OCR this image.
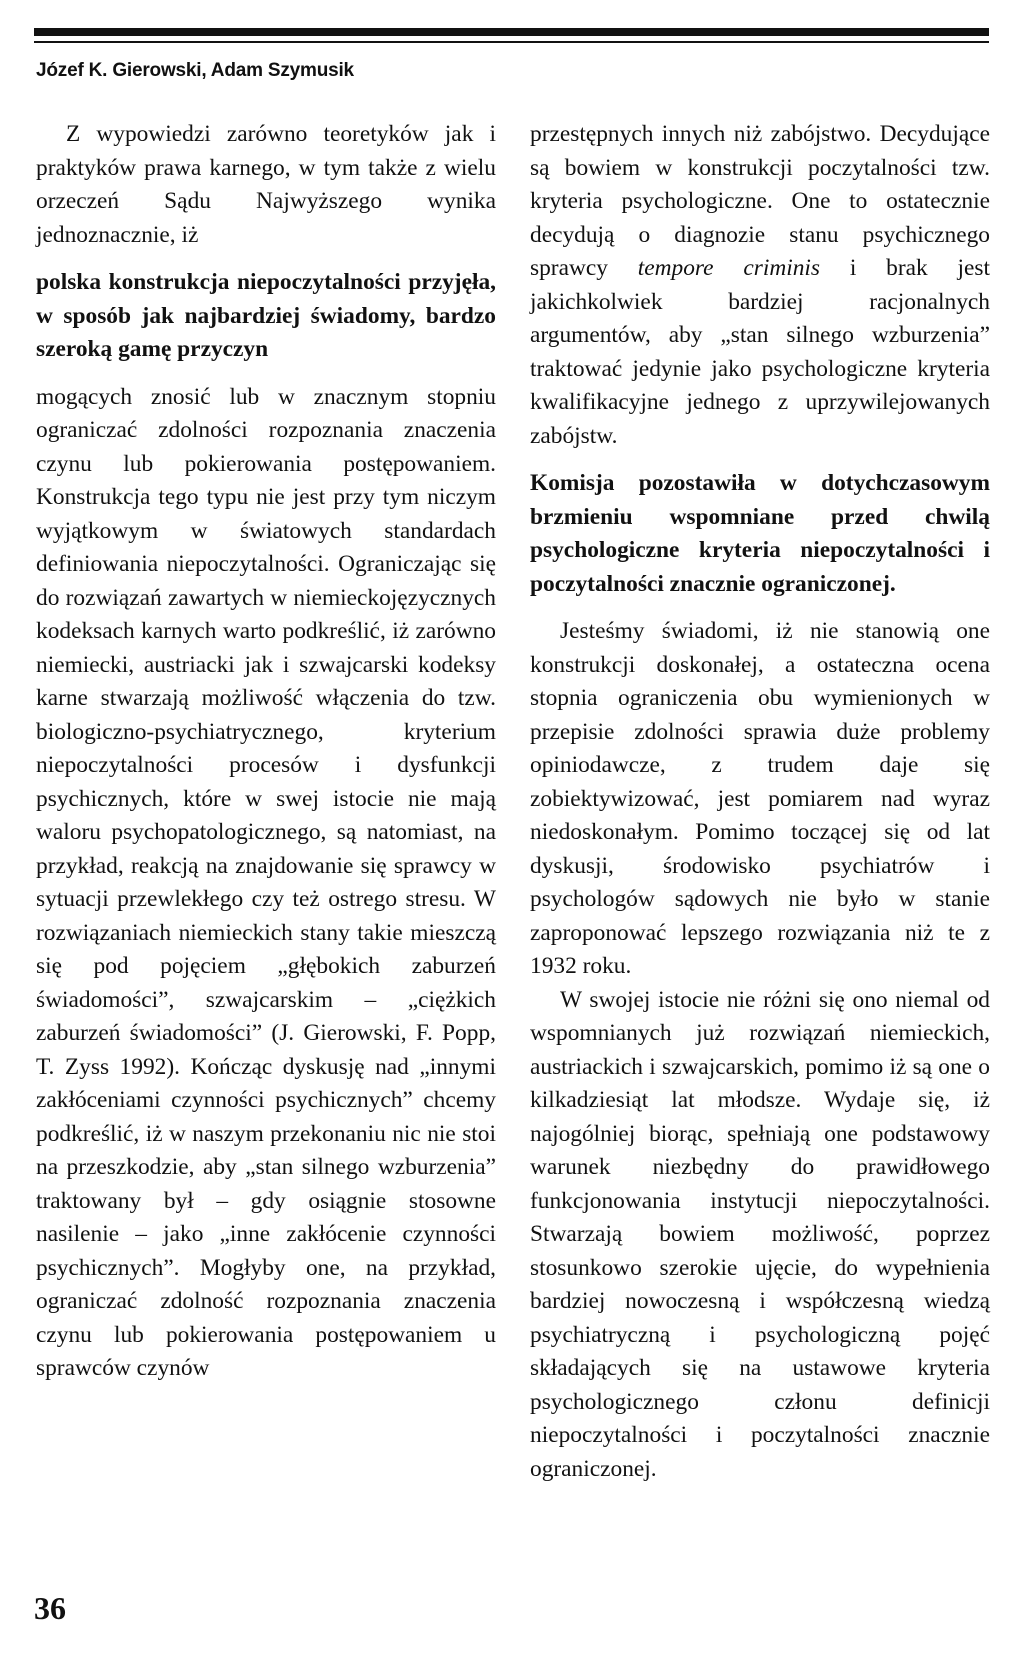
Józef K. Gierowski, Adam Szymusik

Z wypowiedzi zarówno teoretyków jak i praktyków prawa karnego, w tym także z wielu orzeczeń Sądu Najwyższego wynika jednoznacznie, iż

polska konstrukcja niepoczytalności przyjęła, w sposób jak najbardziej świadomy, bardzo szeroką gamę przyczyn

mogących znosić lub w znacznym stopniu ograniczać zdolności rozpoznania znaczenia czynu lub pokierowania postępowaniem. Konstrukcja tego typu nie jest przy tym niczym wyjątkowym w światowych standardach definiowania niepoczytalności. Ograniczając się do rozwiązań zawartych w niemieckojęzycznych kodeksach karnych warto podkreślić, iż zarówno niemiecki, austriacki jak i szwajcarski kodeksy karne stwarzają możliwość włączenia do tzw. biologiczno-psychiatrycznego, kryterium niepoczytalności procesów i dysfunkcji psychicznych, które w swej istocie nie mają waloru psychopatologicznego, są natomiast, na przykład, reakcją na znajdowanie się sprawcy w sytuacji przewlekłego czy też ostrego stresu. W rozwiązaniach niemieckich stany takie mieszczą się pod pojęciem „głębokich zaburzeń świadomości”, szwajcarskim – „ciężkich zaburzeń świadomości” (J. Gierowski, F. Popp, T. Zyss 1992). Kończąc dyskusję nad „innymi zakłóceniami czynności psychicznych” chcemy podkreślić, iż w naszym przekonaniu nic nie stoi na przeszkodzie, aby „stan silnego wzburzenia” traktowany był – gdy osiągnie stosowne nasilenie – jako „inne zakłócenie czynności psychicznych”. Mogłyby one, na przykład, ograniczać zdolność rozpoznania znaczenia czynu lub pokierowania postępowaniem u sprawców czynów

przestępnych innych niż zabójstwo. Decydujące są bowiem w konstrukcji poczytalności tzw. kryteria psychologiczne. One to ostatecznie decydują o diagnozie stanu psychicznego sprawcy tempore criminis i brak jest jakichkolwiek bardziej racjonalnych argumentów, aby „stan silnego wzburzenia” traktować jedynie jako psychologiczne kryteria kwalifikacyjne jednego z uprzywilejowanych zabójstw.

Komisja pozostawiła w dotychczasowym brzmieniu wspomniane przed chwilą psychologiczne kryteria niepoczytalności i poczytalności znacznie ograniczonej.

Jesteśmy świadomi, iż nie stanowią one konstrukcji doskonałej, a ostateczna ocena stopnia ograniczenia obu wymienionych w przepisie zdolności sprawia duże problemy opiniodawcze, z trudem daje się zobiektywizować, jest pomiarem nad wyraz niedoskonałym. Pomimo toczącej się od lat dyskusji, środowisko psychiatrów i psychologów sądowych nie było w stanie zaproponować lepszego rozwiązania niż te z 1932 roku.

W swojej istocie nie różni się ono niemal od wspomnianych już rozwiązań niemieckich, austriackich i szwajcarskich, pomimo iż są one o kilkadziesiąt lat młodsze. Wydaje się, iż najogólniej biorąc, spełniają one podstawowy warunek niezbędny do prawidłowego funkcjonowania instytucji niepoczytalności. Stwarzają bowiem możliwość, poprzez stosunkowo szerokie ujęcie, do wypełnienia bardziej nowoczesną i współczesną wiedzą psychiatryczną i psychologiczną pojęć składających się na ustawowe kryteria psychologicznego członu definicji niepoczytalności i poczytalności znacznie ograniczonej.

36
